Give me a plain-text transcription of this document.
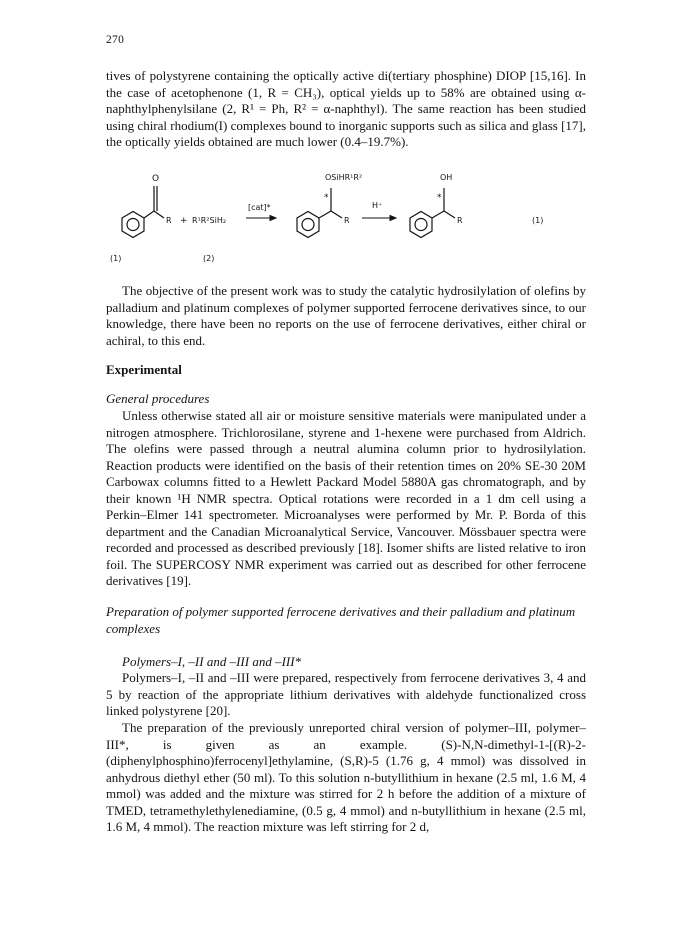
270

tives of polystyrene containing the optically active di(tertiary phosphine) DIOP [15,16]. In the case of acetophenone (1, R = CH₃), optical yields up to 58% are obtained using α-naphthylphenylsilane (2, R¹ = Ph, R² = α-naphthyl). The same reaction has been studied using chiral rhodium(I) complexes bound to inorganic supports such as silica and glass [17], the optically yields obtained are much lower (0.4–19.7%).

O
R + R¹R²SiH₂
[cat]*
OSiHR¹R²
*
R
H⁺
OH
*
R	(1)
(1)	(2)

The objective of the present work was to study the catalytic hydrosilylation of olefins by palladium and platinum complexes of polymer supported ferrocene derivatives since, to our knowledge, there have been no reports on the use of ferrocene derivatives, either chiral or achiral, to this end.

Experimental
General procedures

Unless otherwise stated all air or moisture sensitive materials were manipulated under a nitrogen atmosphere. Trichlorosilane, styrene and 1-hexene were purchased from Aldrich. The olefins were passed through a neutral alumina column prior to hydrosilylation. Reaction products were identified on the basis of their retention times on 20% SE-30 20M Carbowax columns fitted to a Hewlett Packard Model 5880A gas chromatograph, and by their known ¹H NMR spectra. Optical rotations were recorded in a 1 dm cell using a Perkin–Elmer 141 spectrometer. Microanalyses were performed by Mr. P. Borda of this department and the Canadian Microanalytical Service, Vancouver. Mössbauer spectra were recorded and processed as described previously [18]. Isomer shifts are listed relative to iron foil. The SUPERCOSY NMR experiment was carried out as described for other ferrocene derivatives [19].

Preparation of polymer supported ferrocene derivatives and their palladium and platinum complexes
Polymers–I, –II and –III and –III*

Polymers–I, –II and –III were prepared, respectively from ferrocene derivatives 3, 4 and 5 by reaction of the appropriate lithium derivatives with aldehyde functionalized cross linked polystyrene [20].

The preparation of the previously unreported chiral version of polymer–III, polymer–III*, is given as an example. (S)-N,N-dimethyl-1-[(R)-2-(diphenylphosphino)ferrocenyl]ethylamine, (S,R)-5 (1.76 g, 4 mmol) was dissolved in anhydrous diethyl ether (50 ml). To this solution n-butyllithium in hexane (2.5 ml, 1.6 M, 4 mmol) was added and the mixture was stirred for 2 h before the addition of a mixture of TMED, tetramethylethylenediamine, (0.5 g, 4 mmol) and n-butyllithium in hexane (2.5 ml, 1.6 M, 4 mmol). The reaction mixture was left stirring for 2 d,
